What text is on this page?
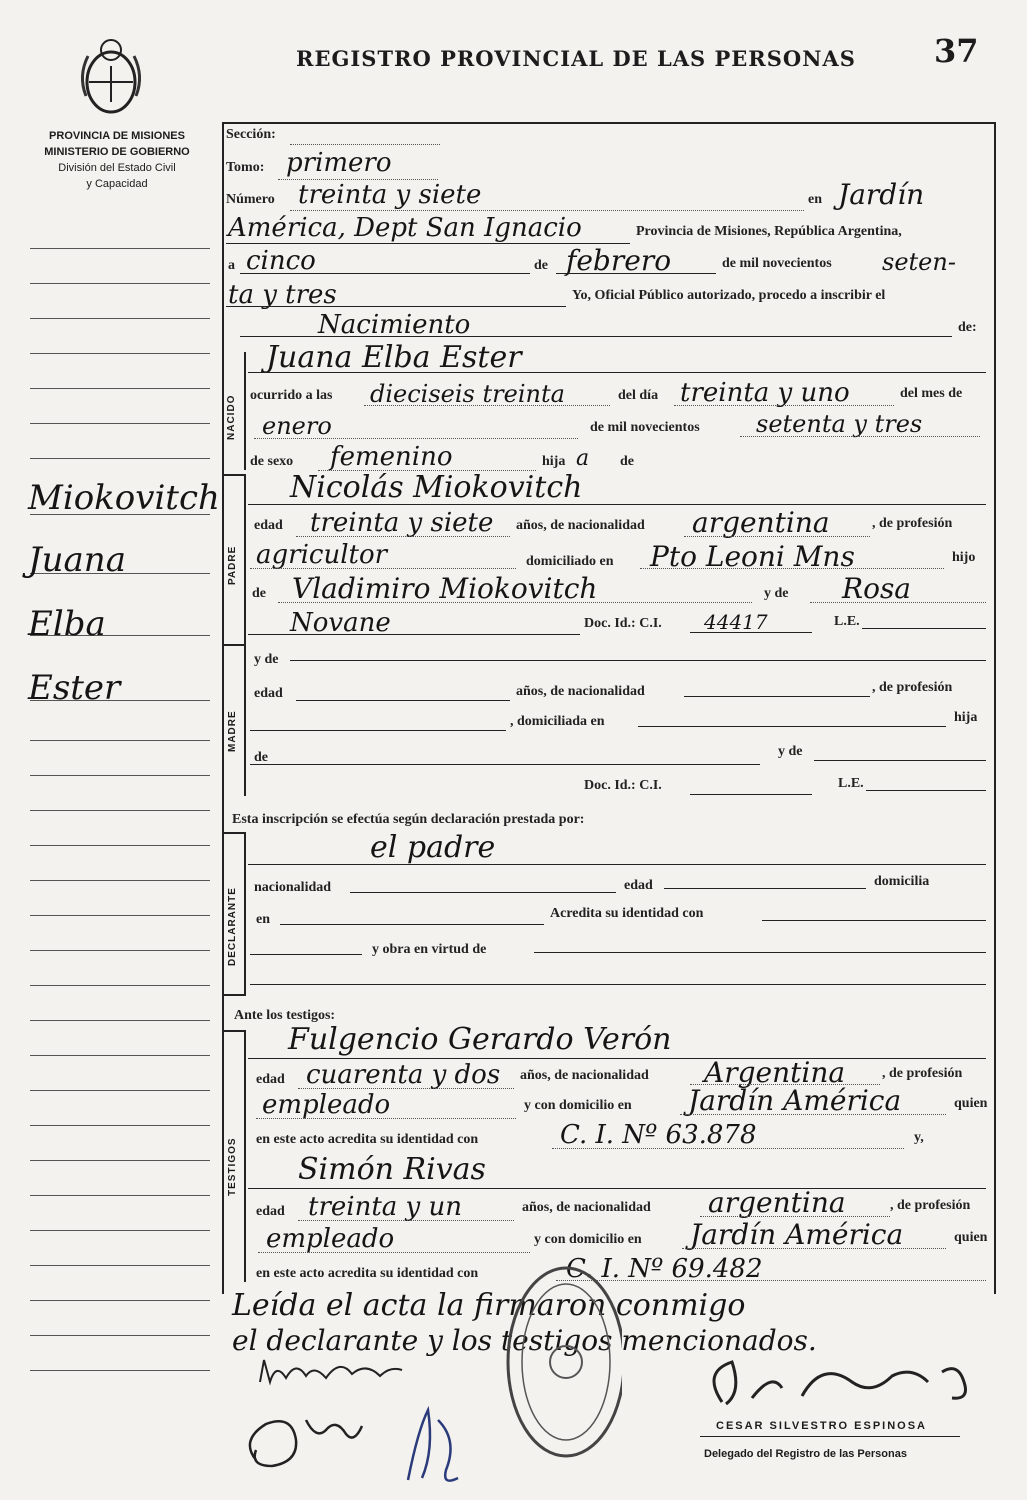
PROVINCIA DE MISIONES
MINISTERIO DE GOBIERNO
División del Estado Civil
y Capacidad
REGISTRO PROVINCIAL DE LAS PERSONAS 37
Miokovitch
Juana
Elba
Ester
NACIDO
PADRE
MADRE
DECLARANTE
TESTIGOS
Sección:
Tomo: primero
Número treinta y siete	en Jardín
América, Dept San Ignacio	Provincia de Misiones, República Argentina,
a cinco	de febrero	de mil novecientos seten-
ta y tres	Yo, Oficial Público autorizado, procedo a inscribir el
Nacimiento	de:
Juana Elba Ester
ocurrido a las dieciseis treinta	del día treinta y uno	del mes de
enero	de mil novecientos setenta y tres
de sexo femenino	hija a de
Nicolás Miokovitch
edad treinta y siete años, de nacionalidad argentina	, de profesión
agricultor	domiciliado en Pto Leoni Mns	hijo
de Vladimiro Miokovitch	y de Rosa
Novane	Doc. Id.: C.I. 44417	L.E.
y de
edad	años, de nacionalidad	, de profesión
, domiciliada en	hija
de	y de
Doc. Id.: C.I.	L.E.
Esta inscripción se efectúa según declaración prestada por:
el padre
nacionalidad	edad	domicilia
en	Acredita su identidad con
y obra en virtud de
Ante los testigos:
Fulgencio Gerardo Verón
edad cuarenta y dos años, de nacionalidad Argentina	, de profesión
empleado	y con domicilio en Jardín América	quien
en este acto acredita su identidad con	C. I. Nº 63.878	y,
Simón Rivas
edad treinta y un	años, de nacionalidad argentina	, de profesión
empleado	y con domicilio en Jardín América	quien
en este acto acredita su identidad con	C. I. Nº 69.482
Leída el acta la firmaron conmigo
el declarante y los testigos mencionados.
CESAR SILVESTRO ESPINOSA
Delegado del Registro de las Personas
